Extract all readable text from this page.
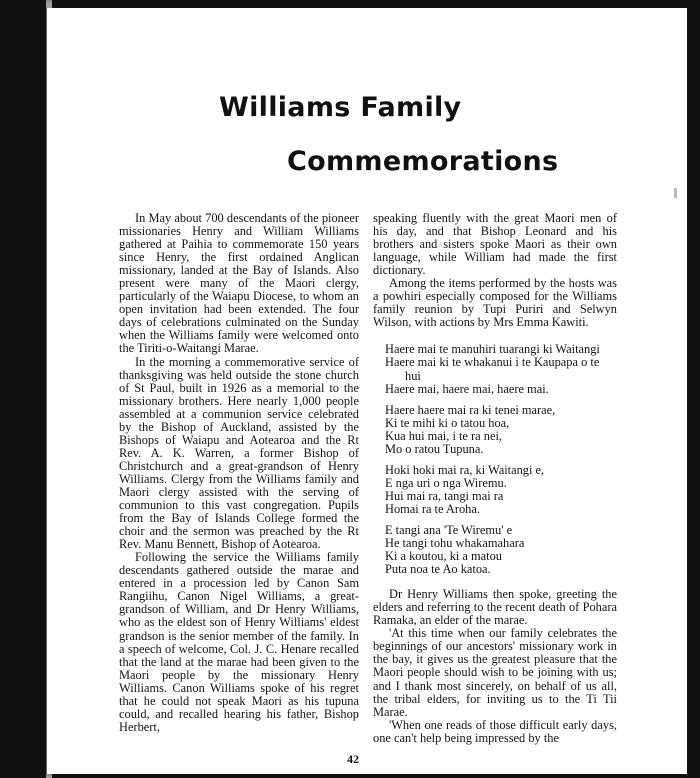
Williams Family
Commemorations

In May about 700 descendants of the pioneer missionaries Henry and William Williams gathered at Paihia to commemorate 150 years since Henry, the first ordained Anglican missionary, landed at the Bay of Islands. Also present were many of the Maori clergy, particularly of the Waiapu Diocese, to whom an open invitation had been extended. The four days of celebrations culminated on the Sunday when the Williams family were welcomed onto the Tiriti-o-Waitangi Marae.

In the morning a commemorative service of thanksgiving was held outside the stone church of St Paul, built in 1926 as a memorial to the missionary brothers. Here nearly 1,000 people assembled at a communion service celebrated by the Bishop of Auckland, assisted by the Bishops of Waiapu and Aotearoa and the Rt Rev. A. K. Warren, a former Bishop of Christchurch and a great-grandson of Henry Williams. Clergy from the Williams family and Maori clergy assisted with the serving of communion to this vast congregation. Pupils from the Bay of Islands College formed the choir and the sermon was preached by the Rt Rev. Manu Bennett, Bishop of Aotearoa.

Following the service the Williams family descendants gathered outside the marae and entered in a procession led by Canon Sam Rangiihu, Canon Nigel Williams, a great-grandson of William, and Dr Henry Williams, who as the eldest son of Henry Williams' eldest grandson is the senior member of the family. In a speech of welcome, Col. J. C. Henare recalled that the land at the marae had been given to the Maori people by the missionary Henry Williams. Canon Williams spoke of his regret that he could not speak Maori as his tupuna could, and recalled hearing his father, Bishop Herbert,

speaking fluently with the great Maori men of his day, and that Bishop Leonard and his brothers and sisters spoke Maori as their own language, while William had made the first dictionary.

Among the items performed by the hosts was a powhiri especially composed for the Williams family reunion by Tupi Puriri and Selwyn Wilson, with actions by Mrs Emma Kawiti.

Haere mai te manuhiri tuarangi ki Waitangi
Haere mai ki te whakanui i te Kaupapa o te hui
Haere mai, haere mai, haere mai.
Haere haere mai ra ki tenei marae,
Ki te mihi ki o tatou hoa,
Kua hui mai, i te ra nei,
Mo o ratou Tupuna.
Hoki hoki mai ra, ki Waitangi e,
E nga uri o nga Wiremu.
Hui mai ra, tangi mai ra
Homai ra te Aroha.
E tangi ana 'Te Wiremu' e
He tangi tohu whakamahara
Ki a koutou, ki a matou
Puta noa te Ao katoa.

Dr Henry Williams then spoke, greeting the elders and referring to the recent death of Pohara Ramaka, an elder of the marae.

'At this time when our family celebrates the beginnings of our ancestors' missionary work in the bay, it gives us the greatest pleasure that the Maori people should wish to be joining with us; and I thank most sincerely, on behalf of us all, the tribal elders, for inviting us to the Ti Tii Marae.

'When one reads of those difficult early days, one can't help being impressed by the

42
